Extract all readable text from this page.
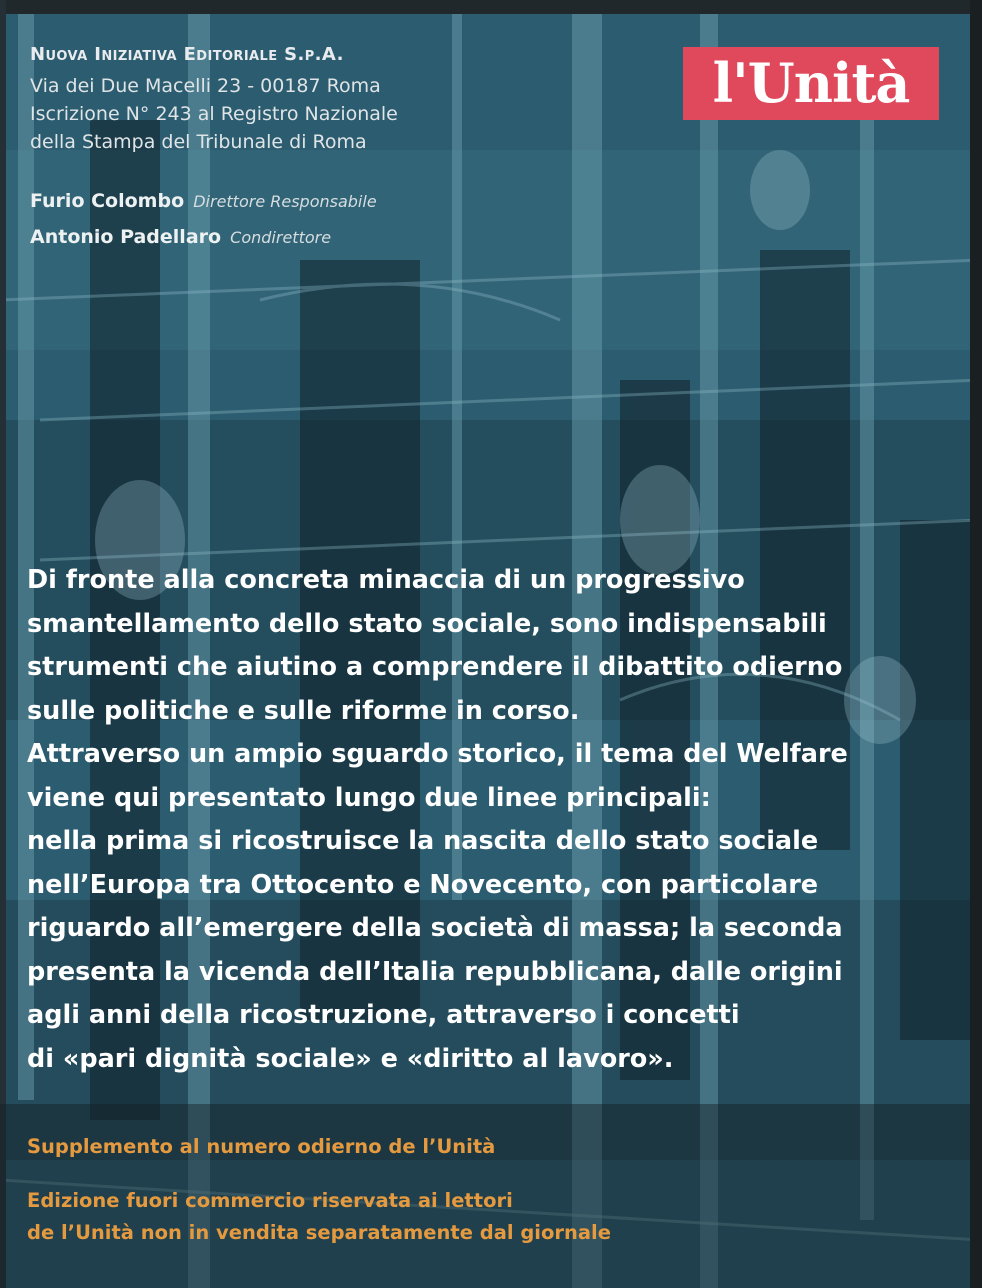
Nuova Iniziativa Editoriale S.p.A.
Via dei Due Macelli 23 - 00187 Roma
Iscrizione N° 243 al Registro Nazionale
della Stampa del Tribunale di Roma
Furio Colombo Direttore Responsabile
Antonio Padellaro Condirettore
l'Unità
Di fronte alla concreta minaccia di un progressivo
smantellamento dello stato sociale, sono indispensabili
strumenti che aiutino a comprendere il dibattito odierno
sulle politiche e sulle riforme in corso.
Attraverso un ampio sguardo storico, il tema del Welfare
viene qui presentato lungo due linee principali:
nella prima si ricostruisce la nascita dello stato sociale
nell’Europa tra Ottocento e Novecento, con particolare
riguardo all’emergere della società di massa; la seconda
presenta la vicenda dell’Italia repubblicana, dalle origini
agli anni della ricostruzione, attraverso i concetti
di «pari dignità sociale» e «diritto al lavoro».
Supplemento al numero odierno de l’Unità
Edizione fuori commercio riservata ai lettori
de l’Unità non in vendita separatamente dal giornale
